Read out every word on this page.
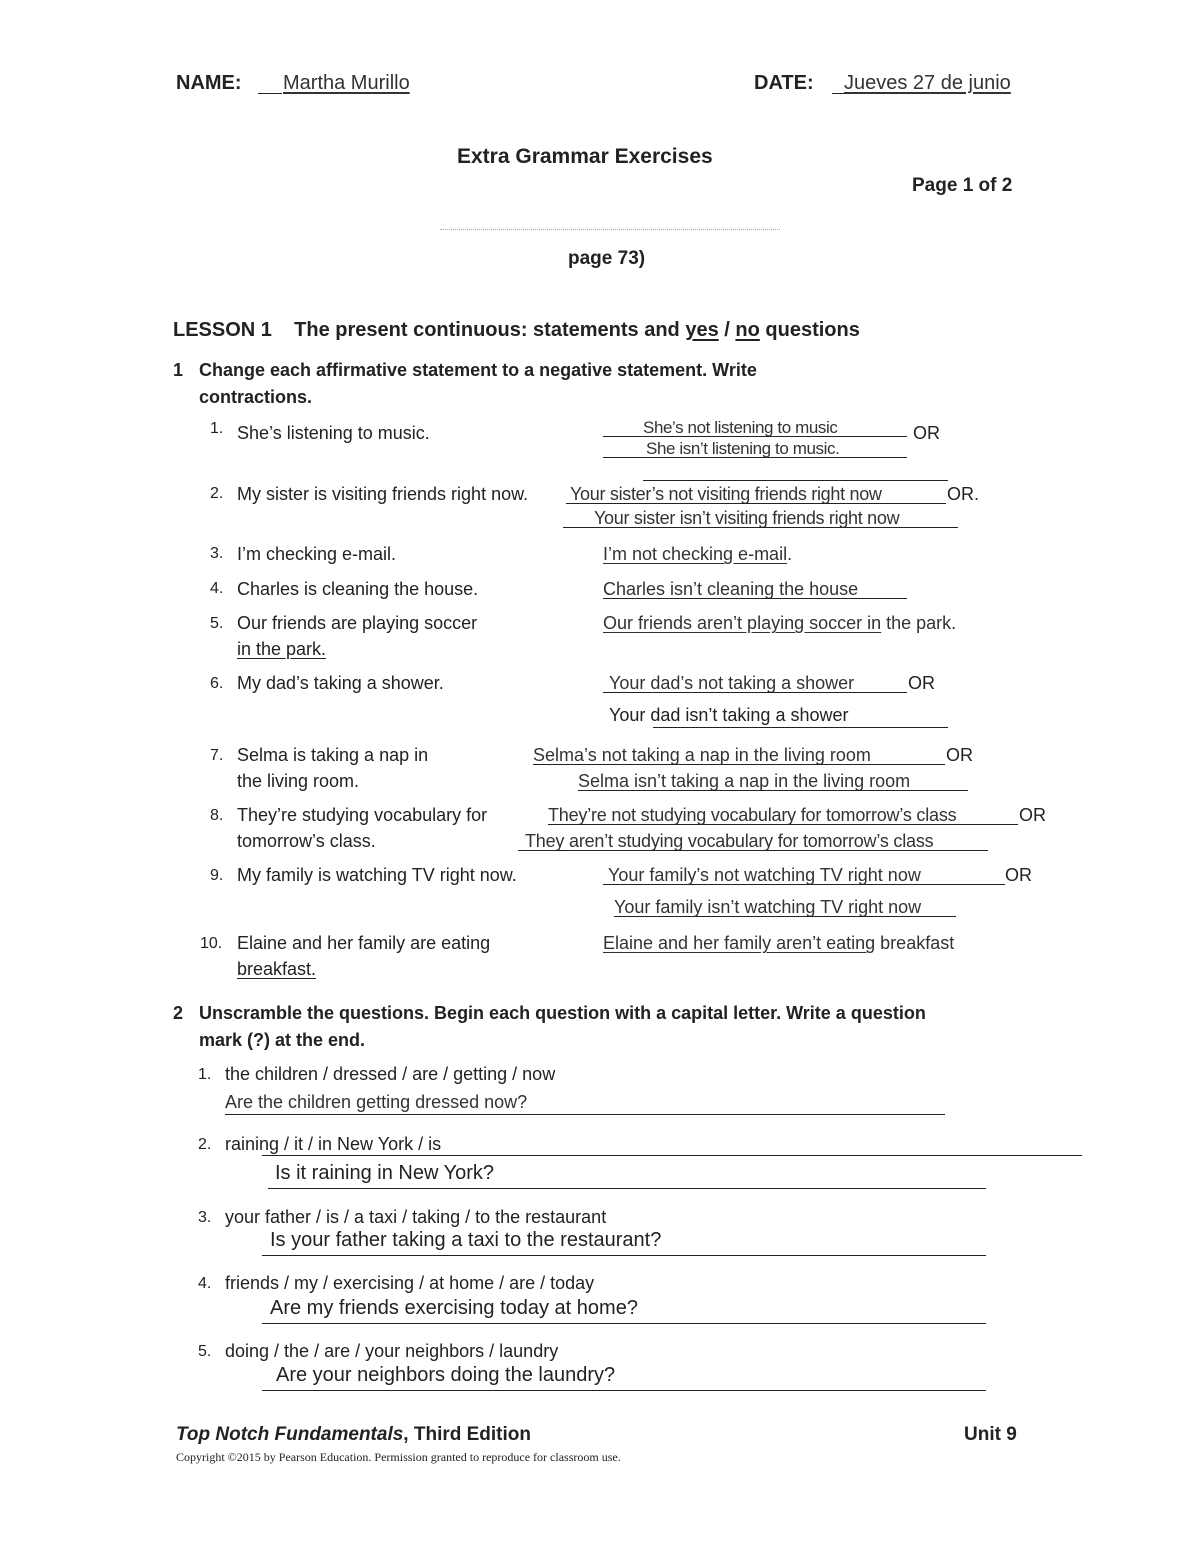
NAME: Martha Murillo	DATE: Jueves 27 de junio
Extra Grammar Exercises
Page 1 of 2
page 73)
LESSON 1 The present continuous: statements and yes / no questions
1 Change each affirmative statement to a negative statement. Write
contractions.
1. She’s listening to music.	She’s not listening to music	OR
She isn’t listening to music.
2. My sister is visiting friends right now. Your sister’s not visiting friends right now	OR.
Your sister isn’t visiting friends right now
3. I’m checking e-mail.	I’m not checking e-mail.
4. Charles is cleaning the house.	Charles isn’t cleaning the house
5. Our friends are playing soccer
in the park.
Our friends aren’t playing soccer in the park.
6. My dad’s taking a shower.	Your dad’s not taking a shower	OR
Your dad isn’t taking a shower
7. Selma is taking a nap in
the living room.
Selma’s not taking a nap in the living room	OR
Selma isn’t taking a nap in the living room
8. They’re studying vocabulary for
tomorrow’s class.
They’re not studying vocabulary for tomorrow’s class	OR
They aren’t studying vocabulary for tomorrow’s class
9. My family is watching TV right now.	Your family’s not watching TV right now	OR
Your family isn’t watching TV right now
10. Elaine and her family are eating
breakfast.
Elaine and her family aren’t eating breakfast
2 Unscramble the questions. Begin each question with a capital letter. Write a question
mark (?) at the end.
1. the children / dressed / are / getting / now
Are the children getting dressed now?
2. raining / it / in New York / is
Is it raining in New York?
3. your father / is / a taxi / taking / to the restaurant
Is your father taking a taxi to the restaurant?
4. friends / my / exercising / at home / are / today
Are my friends exercising today at home?
5. doing / the / are / your neighbors / laundry
Are your neighbors doing the laundry?
Top Notch Fundamentals, Third Edition	Unit 9
Copyright ©2015 by Pearson Education. Permission granted to reproduce for classroom use.
